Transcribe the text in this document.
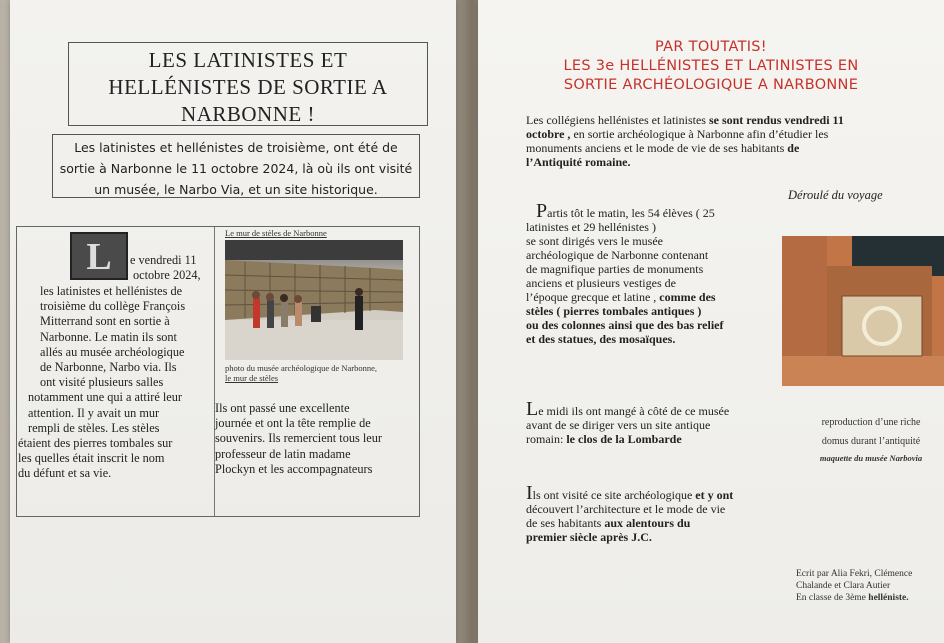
LES LATINISTES ET
HELLÉNISTES DE SORTIE A
NARBONNE !
Les latinistes et hellénistes de troisième, ont été de
sortie à Narbonne le 11 octobre 2024, là où ils ont visité
un musée, le Narbo Via, et un site historique.
L	e vendredi 11
octobre 2024,
les latinistes et hellénistes de
troisième du collège François
Mitterrand sont en sortie à
Narbonne. Le matin ils sont
allés au musée archéologique
de Narbonne, Narbo via. Ils
ont visité plusieurs salles
notamment une qui a attiré leur
attention. Il y avait un mur
rempli de stèles. Les stèles
étaient des pierres tombales sur
les quelles était inscrit le nom
du défunt et sa vie.
Le mur de stèles de Narbonne
photo du musée archéologique de Narbonne,
le mur de stèles
Ils ont passé une excellente
journée et ont la tête remplie de
souvenirs. Ils remercient tous leur
professeur de latin madame
Plockyn et les accompagnateurs
PAR TOUTATIS!
LES 3e HELLÉNISTES ET LATINISTES EN
SORTIE ARCHÉOLOGIQUE A NARBONNE
Les collégiens hellénistes et latinistes se sont rendus vendredi 11
octobre , en sortie archéologique à Narbonne afin d’étudier les
monuments anciens et le mode de vie de ses habitants de
l’Antiquité romaine.
Déroulé du voyage
Partis tôt le matin, les 54 élèves ( 25
latinistes et 29 hellénistes )
se sont dirigés vers le musée
archéologique de Narbonne contenant
de magnifique parties de monuments
anciens et plusieurs vestiges de
l’époque grecque et latine , comme des
stèles ( pierres tombales antiques )
ou des colonnes ainsi que des bas relief
et des statues, des mosaïques.
Le midi ils ont mangé à côté de ce musée
avant de se diriger vers un site antique
romain: le clos de la Lombarde
reproduction d’une riche
domus durant l’antiquité
maquette du musée Narbovia
Ils ont visité ce site archéologique et y ont
découvert l’architecture et le mode de vie
de ses habitants aux alentours du
premier siècle après J.C.
Ecrit par Alia Fekri, Clémence
Chalande et Clara Autier
En classe de 3ème helléniste.
